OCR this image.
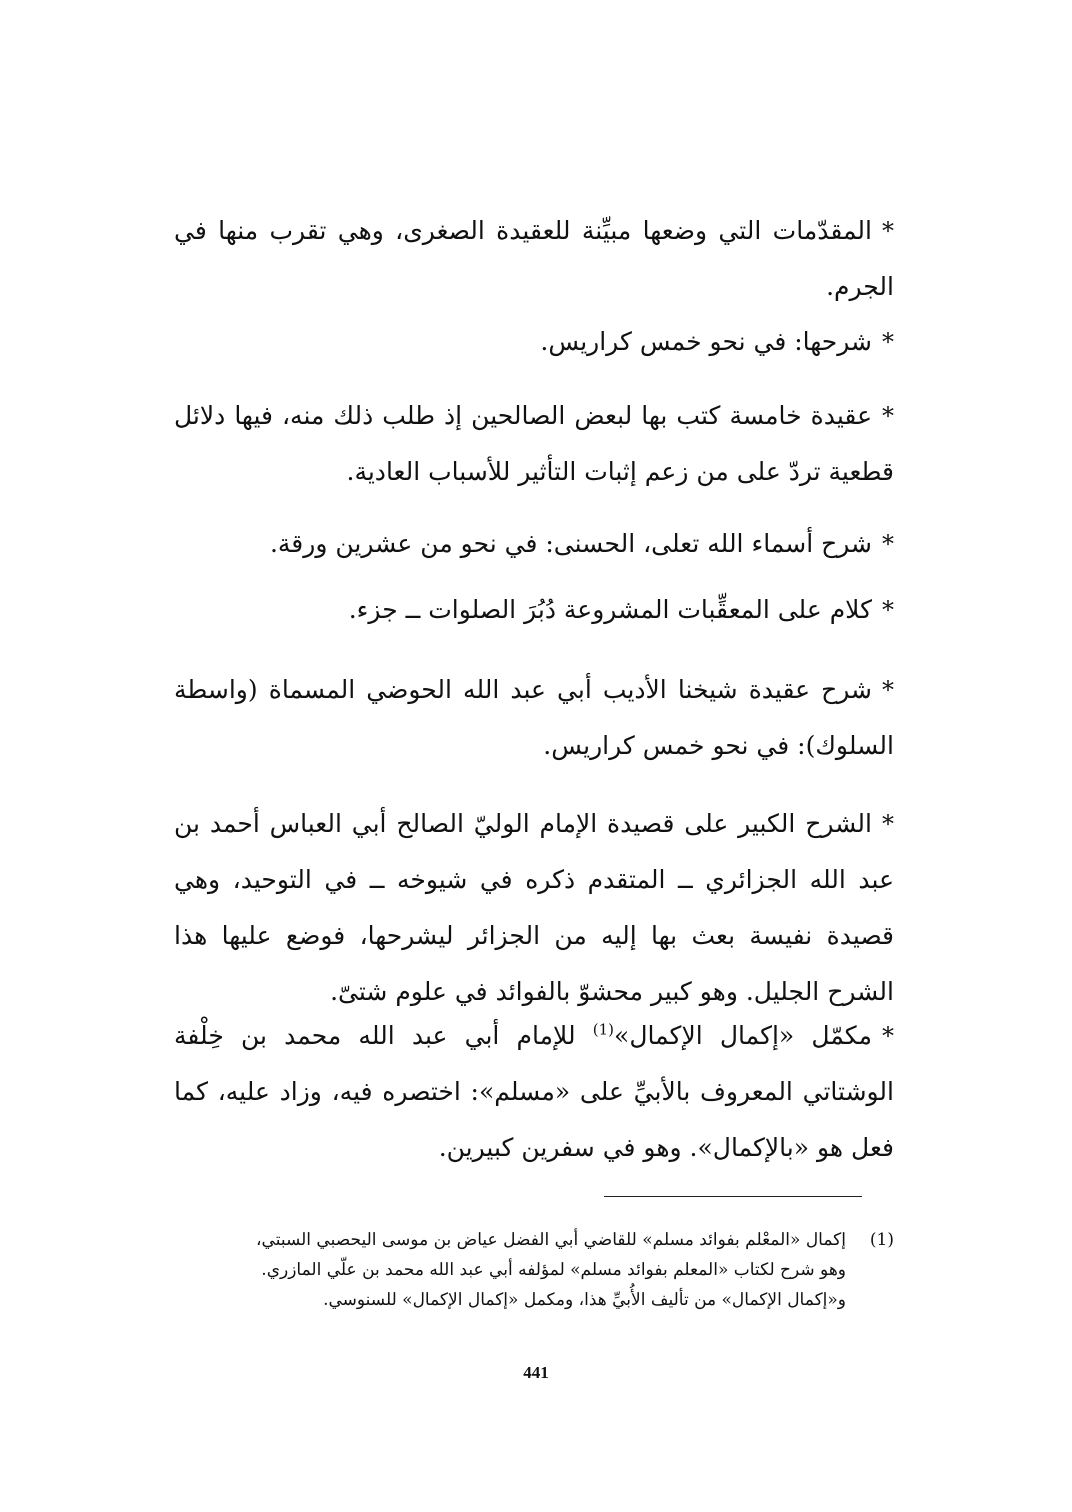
*المقدّمات التي وضعها مبيِّنة للعقيدة الصغرى، وهي تقرب منها في الجرم.

*شرحها: في نحو خمس كراريس.

*عقيدة خامسة كتب بها لبعض الصالحين إذ طلب ذلك منه، فيها دلائل قطعية تردّ على من زعم إثبات التأثير للأسباب العادية.

*شرح أسماء الله تعلى، الحسنى: في نحو من عشرين ورقة.

*كلام على المعقِّبات المشروعة دُبُرَ الصلوات ــ جزء.

*شرح عقيدة شيخنا الأديب أبي عبد الله الحوضي المسماة (واسطة السلوك): في نحو خمس كراريس.

*الشرح الكبير على قصيدة الإمام الوليّ الصالح أبي العباس أحمد بن عبد الله الجزائري ــ المتقدم ذكره في شيوخه ــ في التوحيد، وهي قصيدة نفيسة بعث بها إليه من الجزائر ليشرحها، فوضع عليها هذا الشرح الجليل. وهو كبير محشوّ بالفوائد في علوم شتىّ.

*مكمّل «إكمال الإكمال»$^{(1)}$ للإمام أبي عبد الله محمد بن خِلْفة الوشتاتي المعروف بالأبيِّ على «مسلم»: اختصره فيه، وزاد عليه، كما فعل هو «بالإكمال». وهو في سفرين كبيرين.

(1)
إكمال «المعْلم بفوائد مسلم» للقاضي أبي الفضل عياض بن موسى اليحصبي السبتي،
وهو شرح لكتاب «المعلم بفوائد مسلم» لمؤلفه أبي عبد الله محمد بن علّي المازري.
و«إكمال الإكمال» من تأليف الأُبيِّ هذا، ومكمل «إكمال الإكمال» للسنوسي.
441
